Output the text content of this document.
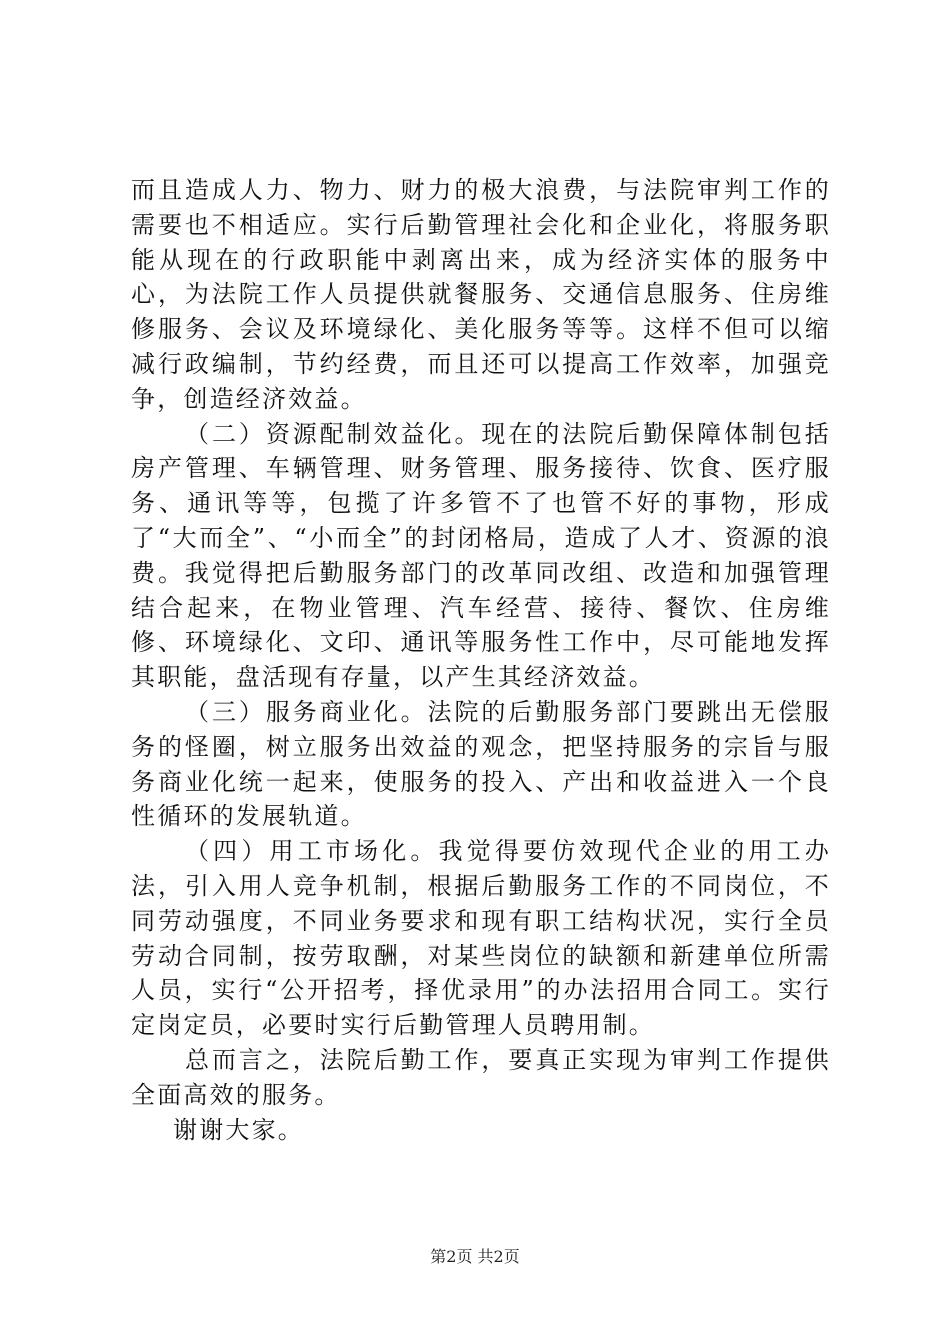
而且造成人力、物力、财力的极大浪费，与法院审判工作的需要也不相适应。实行后勤管理社会化和企业化，将服务职能从现在的行政职能中剥离出来，成为经济实体的服务中心，为法院工作人员提供就餐服务、交通信息服务、住房维修服务、会议及环境绿化、美化服务等等。这样不但可以缩减行政编制，节约经费，而且还可以提高工作效率，加强竞争，创造经济效益。

（二）资源配制效益化。现在的法院后勤保障体制包括房产管理、车辆管理、财务管理、服务接待、饮食、医疗服务、通讯等等，包揽了许多管不了也管不好的事物，形成了“大而全”、“小而全”的封闭格局，造成了人才、资源的浪费。我觉得把后勤服务部门的改革同改组、改造和加强管理结合起来，在物业管理、汽车经营、接待、餐饮、住房维修、环境绿化、文印、通讯等服务性工作中，尽可能地发挥其职能，盘活现有存量，以产生其经济效益。

（三）服务商业化。法院的后勤服务部门要跳出无偿服务的怪圈，树立服务出效益的观念，把坚持服务的宗旨与服务商业化统一起来，使服务的投入、产出和收益进入一个良性循环的发展轨道。

（四）用工市场化。我觉得要仿效现代企业的用工办法，引入用人竞争机制，根据后勤服务工作的不同岗位，不同劳动强度，不同业务要求和现有职工结构状况，实行全员劳动合同制，按劳取酬，对某些岗位的缺额和新建单位所需人员，实行“公开招考，择优录用”的办法招用合同工。实行定岗定员，必要时实行后勤管理人员聘用制。

总而言之，法院后勤工作，要真正实现为审判工作提供全面高效的服务。

谢谢大家。

第2页 共2页
